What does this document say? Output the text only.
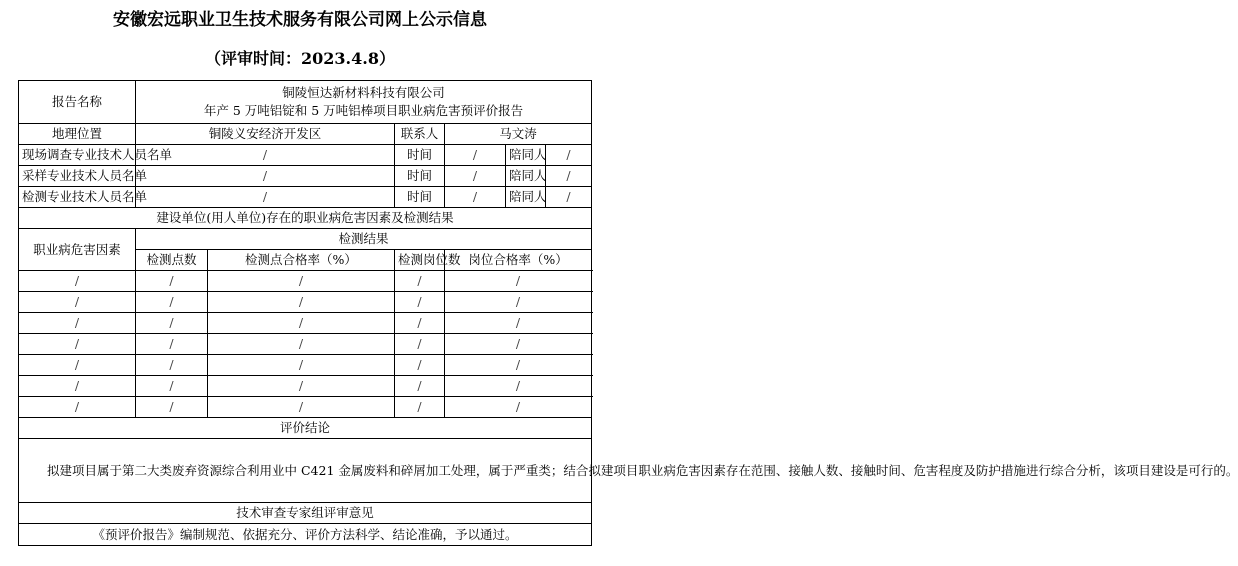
安徽宏远职业卫生技术服务有限公司网上公示信息
（评审时间：2023.4.8）
报告名称	铜陵恒达新材料科技有限公司
年产 5 万吨铝锭和 5 万吨铝棒项目职业病危害预评价报告					

地理位置	铜陵义安经济开发区		联系人	马文涛		
现场调查专业技术人员名单	/		时间	/	陪同人	/
采样专业技术人员名单	/		时间	/	陪同人	/
检测专业技术人员名单	/		时间	/	陪同人	/
建设单位(用人单位)存在的职业病危害因素及检测结果						
职业病危害因素	检测结果					
	检测点数	检测点合格率（%）	检测岗位数	岗位合格率（%）		
/	/	/	/	/		
/	/	/	/	/		
/	/	/	/	/		
/	/	/	/	/		
/	/	/	/	/		
/	/	/	/	/		
/	/	/	/	/		
评价结论						
　　拟建项目属于第二大类废弃资源综合利用业中 C421 金属废料和碎屑加工处理，属于严重类；结合拟建项目职业病危害因素存在范围、接触人数、接触时间、危害程度及防护措施进行综合分析，该项目建设是可行的。						
技术审查专家组评审意见						
《预评价报告》编制规范、依据充分、评价方法科学、结论准确，予以通过。						
